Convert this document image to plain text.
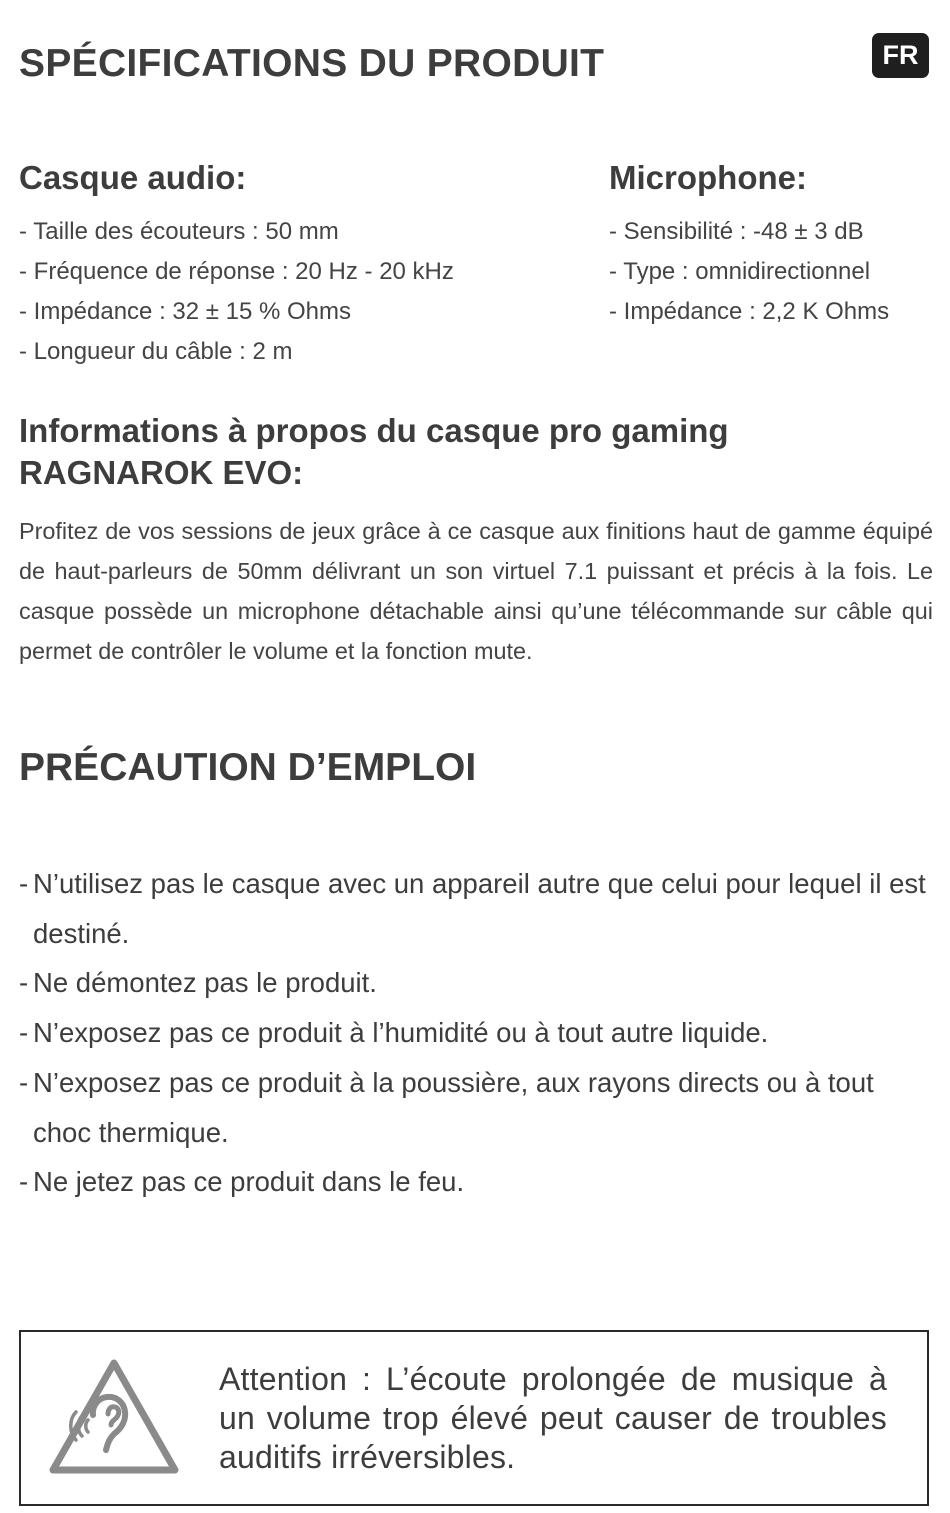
SPÉCIFICATIONS DU PRODUIT	FR
Casque audio:
- Taille des écouteurs : 50 mm
- Fréquence de réponse : 20 Hz - 20 kHz
- Impédance : 32 ± 15 % Ohms
- Longueur du câble : 2 m
Microphone:
- Sensibilité : -48 ± 3 dB
- Type : omnidirectionnel
- Impédance : 2,2 K Ohms
Informations à propos du casque pro gaming
RAGNAROK EVO:

Profitez de vos sessions de jeux grâce à ce casque aux finitions haut de gamme équipé de haut-parleurs de 50mm délivrant un son virtuel 7.1 puissant et précis à la fois. Le casque possède un microphone détachable ainsi qu’une télécommande sur câble qui permet de contrôler le volume et la fonction mute.

PRÉCAUTION D’EMPLOI
- N’utilisez pas le casque avec un appareil autre que celui pour lequel il est destiné.
- Ne démontez pas le produit.
- N’exposez pas ce produit à l’humidité ou à tout autre liquide.
- N’exposez pas ce produit à la poussière, aux rayons directs ou à tout choc thermique.
- Ne jetez pas ce produit dans le feu.

Attention : L’écoute prolongée de musique à un volume trop élevé peut causer de troubles auditifs irréversibles.
